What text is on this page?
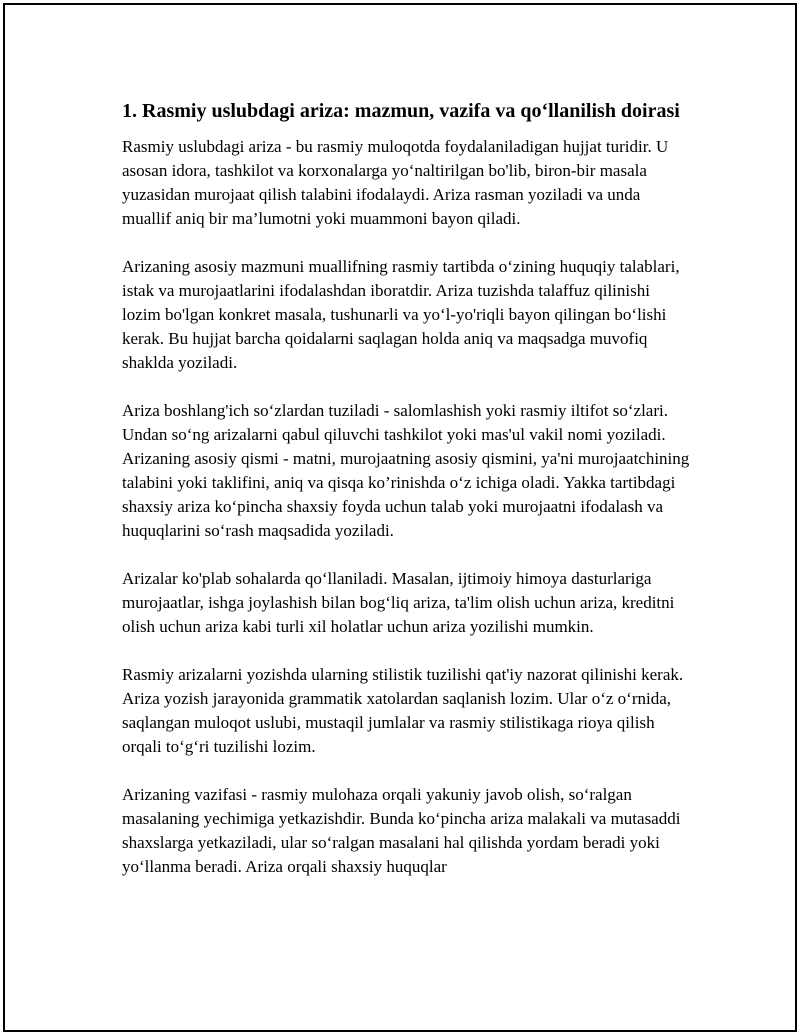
1. Rasmiy uslubdagi ariza: mazmun, vazifa va qo‘llanilish doirasi

Rasmiy uslubdagi ariza - bu rasmiy muloqotda foydalaniladigan hujjat turidir. U asosan idora, tashkilot va korxonalarga yo‘naltirilgan bo'lib, biron-bir masala yuzasidan murojaat qilish talabini ifodalaydi. Ariza rasman yoziladi va unda muallif aniq bir ma’lumotni yoki muammoni bayon qiladi.

Arizaning asosiy mazmuni muallifning rasmiy tartibda o‘zining huquqiy talablari, istak va murojaatlarini ifodalashdan iboratdir. Ariza tuzishda talaffuz qilinishi lozim bo'lgan konkret masala, tushunarli va yo‘l-yo'riqli bayon qilingan bo‘lishi kerak. Bu hujjat barcha qoidalarni saqlagan holda aniq va maqsadga muvofiq shaklda yoziladi.

Ariza boshlang'ich so‘zlardan tuziladi - salomlashish yoki rasmiy iltifot so‘zlari. Undan so‘ng arizalarni qabul qiluvchi tashkilot yoki mas'ul vakil nomi yoziladi. Arizaning asosiy qismi - matni, murojaatning asosiy qismini, ya'ni murojaatchining talabini yoki taklifini, aniq va qisqa ko’rinishda o‘z ichiga oladi. Yakka tartibdagi shaxsiy ariza ko‘pincha shaxsiy foyda uchun talab yoki murojaatni ifodalash va huquqlarini so‘rash maqsadida yoziladi.

Arizalar ko'plab sohalarda qo‘llaniladi. Masalan, ijtimoiy himoya dasturlariga murojaatlar, ishga joylashish bilan bog‘liq ariza, ta'lim olish uchun ariza, kreditni olish uchun ariza kabi turli xil holatlar uchun ariza yozilishi mumkin.

Rasmiy arizalarni yozishda ularning stilistik tuzilishi qat'iy nazorat qilinishi kerak. Ariza yozish jarayonida grammatik xatolardan saqlanish lozim. Ular o‘z o‘rnida, saqlangan muloqot uslubi, mustaqil jumlalar va rasmiy stilistikaga rioya qilish orqali to‘g‘ri tuzilishi lozim.

Arizaning vazifasi - rasmiy mulohaza orqali yakuniy javob olish, so‘ralgan masalaning yechimiga yetkazishdir. Bunda ko‘pincha ariza malakali va mutasaddi shaxslarga yetkaziladi, ular so‘ralgan masalani hal qilishda yordam beradi yoki yo‘llanma beradi. Ariza orqali shaxsiy huquqlar
